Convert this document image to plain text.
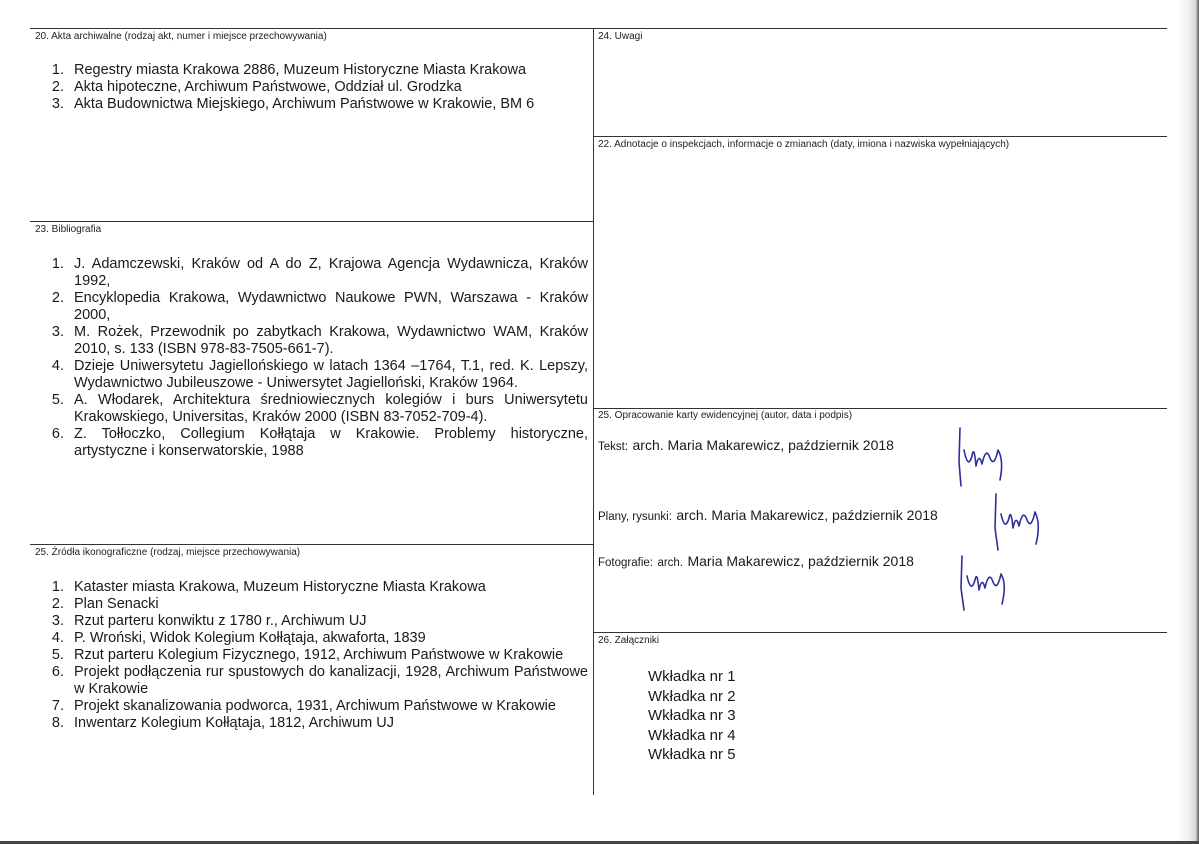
20. Akta archiwalne (rodzaj akt, numer i miejsce przechowywania)
1. Regestry miasta Krakowa 2886, Muzeum Historyczne Miasta Krakowa
2. Akta hipoteczne, Archiwum Państwowe, Oddział ul. Grodzka
3. Akta Budownictwa Miejskiego, Archiwum Państwowe w Krakowie, BM 6
23. Bibliografia
1. J. Adamczewski, Kraków od A do Z, Krajowa Agencja Wydawnicza, Kraków 1992,
2. Encyklopedia Krakowa, Wydawnictwo Naukowe PWN, Warszawa - Kraków 2000,
3. M. Rożek, Przewodnik po zabytkach Krakowa, Wydawnictwo WAM, Kraków 2010, s. 133 (ISBN 978-83-7505-661-7).
4. Dzieje Uniwersytetu Jagiellońskiego w latach 1364 –1764, T.1, red. K. Lepszy, Wydawnictwo Jubileuszowe - Uniwersytet Jagielloński, Kraków 1964.
5. A. Włodarek, Architektura średniowiecznych kolegiów i burs Uniwersytetu Krakowskiego, Universitas, Kraków 2000 (ISBN 83-7052-709-4).
6. Z. Tołłoczko, Collegium Kołłątaja w Krakowie. Problemy historyczne, artystyczne i konserwatorskie, 1988
25. Źródła ikonograficzne (rodzaj, miejsce przechowywania)
1. Kataster miasta Krakowa, Muzeum Historyczne Miasta Krakowa
2. Plan Senacki
3. Rzut parteru konwiktu z 1780 r., Archiwum UJ
4. P. Wroński, Widok Kolegium Kołłątaja, akwaforta, 1839
5. Rzut parteru Kolegium Fizycznego, 1912, Archiwum Państwowe w Krakowie
6. Projekt podłączenia rur spustowych do kanalizacji, 1928, Archiwum Państwowe w Krakowie
7. Projekt skanalizowania podworca, 1931, Archiwum Państwowe w Krakowie
8. Inwentarz Kolegium Kołłątaja, 1812, Archiwum UJ
24. Uwagi
22. Adnotacje o inspekcjach, informacje o zmianach (daty, imiona i nazwiska wypełniających)
25. Opracowanie karty ewidencyjnej (autor, data i podpis)
Tekst: arch. Maria Makarewicz, październik 2018
Plany, rysunki: arch. Maria Makarewicz, październik 2018
Fotografie: arch. Maria Makarewicz, październik 2018
26. Załączniki
Wkładka nr 1
Wkładka nr 2
Wkładka nr 3
Wkładka nr 4
Wkładka nr 5
